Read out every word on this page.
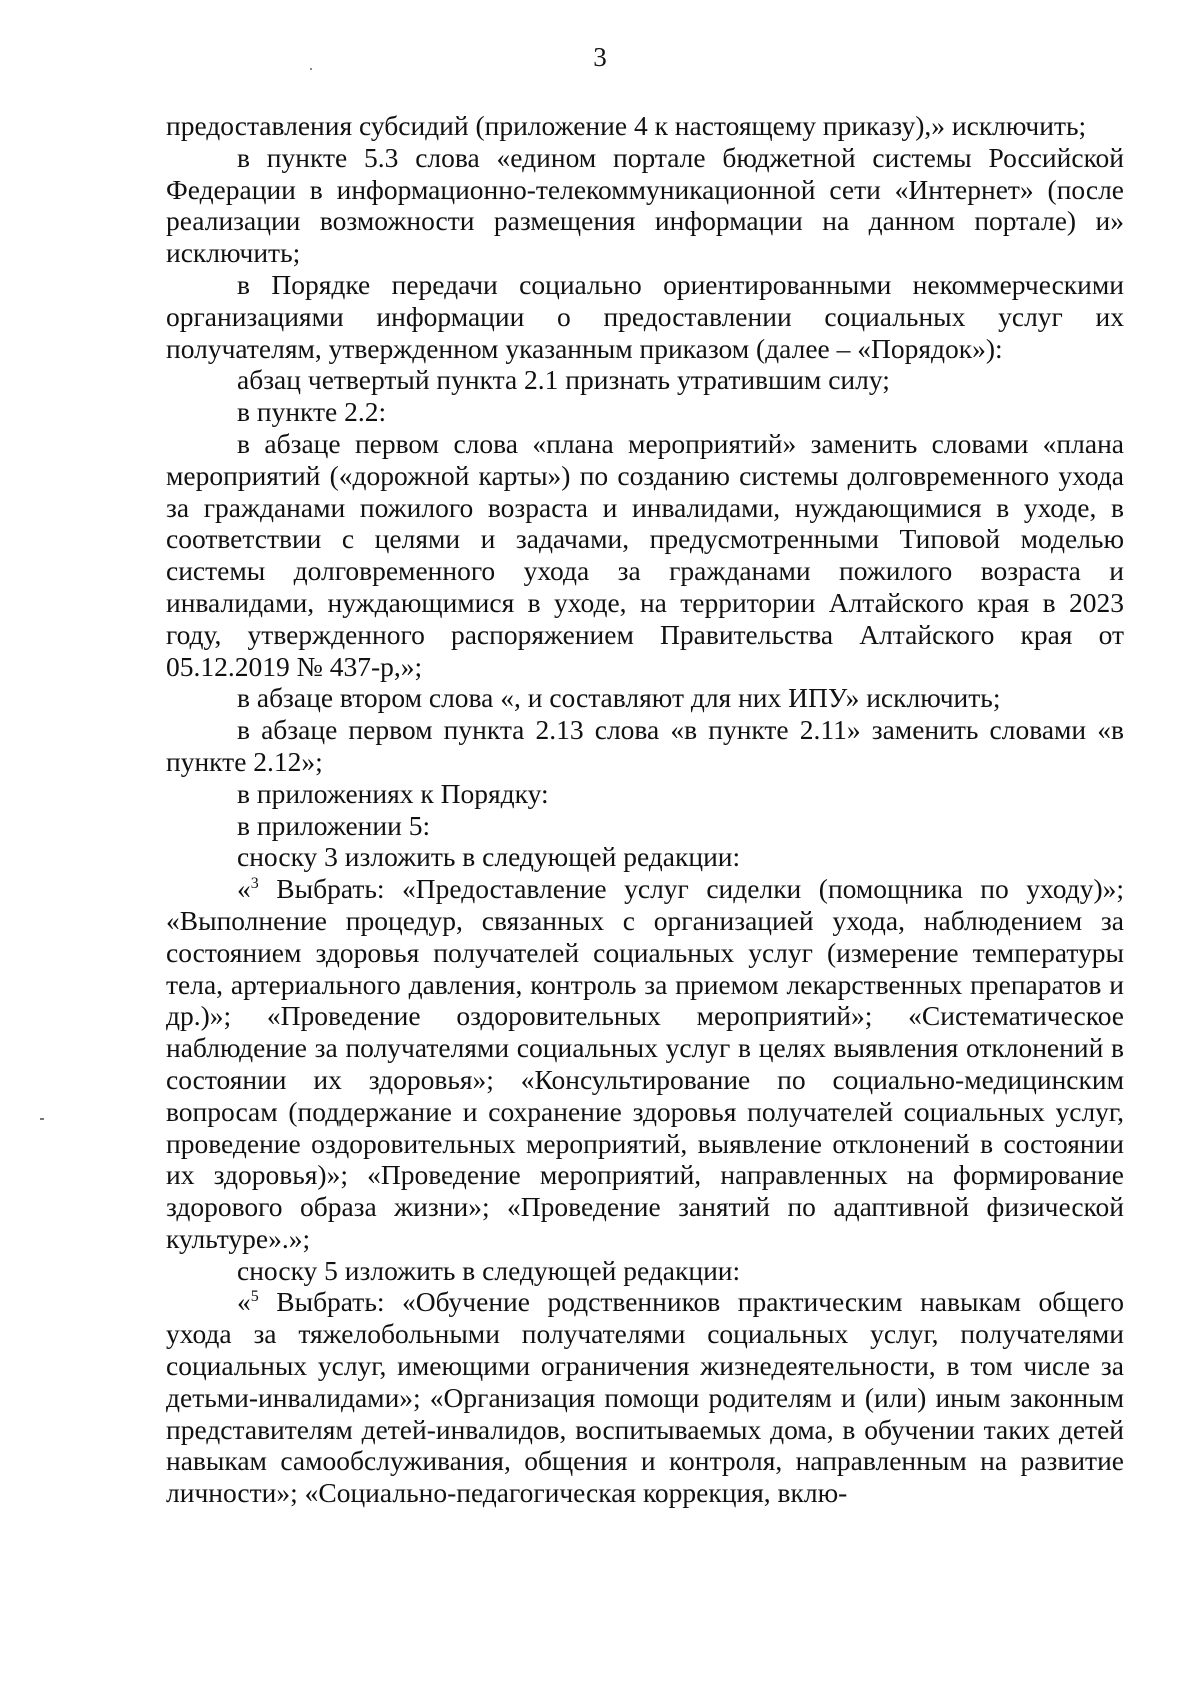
3

предоставления субсидий (приложение 4 к настоящему приказу),» исключить;

в пункте 5.3 слова «едином портале бюджетной системы Российской Федерации в информационно-телекоммуникационной сети «Интернет» (после реализации возможности размещения информации на данном портале) и» исключить;

в Порядке передачи социально ориентированными некоммерческими организациями информации о предоставлении социальных услуг их получателям, утвержденном указанным приказом (далее – «Порядок»):

абзац четвертый пункта 2.1 признать утратившим силу;

в пункте 2.2:

в абзаце первом слова «плана мероприятий» заменить словами «плана мероприятий («дорожной карты») по созданию системы долговременного ухода за гражданами пожилого возраста и инвалидами, нуждающимися в уходе, в соответствии с целями и задачами, предусмотренными Типовой моделью системы долговременного ухода за гражданами пожилого возраста и инвалидами, нуждающимися в уходе, на территории Алтайского края в 2023 году, утвержденного распоряжением Правительства Алтайского края от 05.12.2019 № 437-р,»;

в абзаце втором слова «, и составляют для них ИПУ» исключить;

в абзаце первом пункта 2.13 слова «в пункте 2.11» заменить словами «в пункте 2.12»;

в приложениях к Порядку:

в приложении 5:

сноску 3 изложить в следующей редакции:

«$^3$ Выбрать: «Предоставление услуг сиделки (помощника по уходу)»; «Выполнение процедур, связанных с организацией ухода, наблюдением за состоянием здоровья получателей социальных услуг (измерение температуры тела, артериального давления, контроль за приемом лекарственных препаратов и др.)»; «Проведение оздоровительных мероприятий»; «Систематическое наблюдение за получателями социальных услуг в целях выявления отклонений в состоянии их здоровья»; «Консультирование по социально-медицинским вопросам (поддержание и сохранение здоровья получателей социальных услуг, проведение оздоровительных мероприятий, выявление отклонений в состоянии их здоровья)»; «Проведение мероприятий, направленных на формирование здорового образа жизни»; «Проведение занятий по адаптивной физической культуре».»;

сноску 5 изложить в следующей редакции:

«$^5$ Выбрать: «Обучение родственников практическим навыкам общего ухода за тяжелобольными получателями социальных услуг, получателями социальных услуг, имеющими ограничения жизнедеятельности, в том числе за детьми-инвалидами»; «Организация помощи родителям и (или) иным законным представителям детей-инвалидов, воспитываемых дома, в обучении таких детей навыкам самообслуживания, общения и контроля, направленным на развитие личности»; «Социально-педагогическая коррекция, вклю-
